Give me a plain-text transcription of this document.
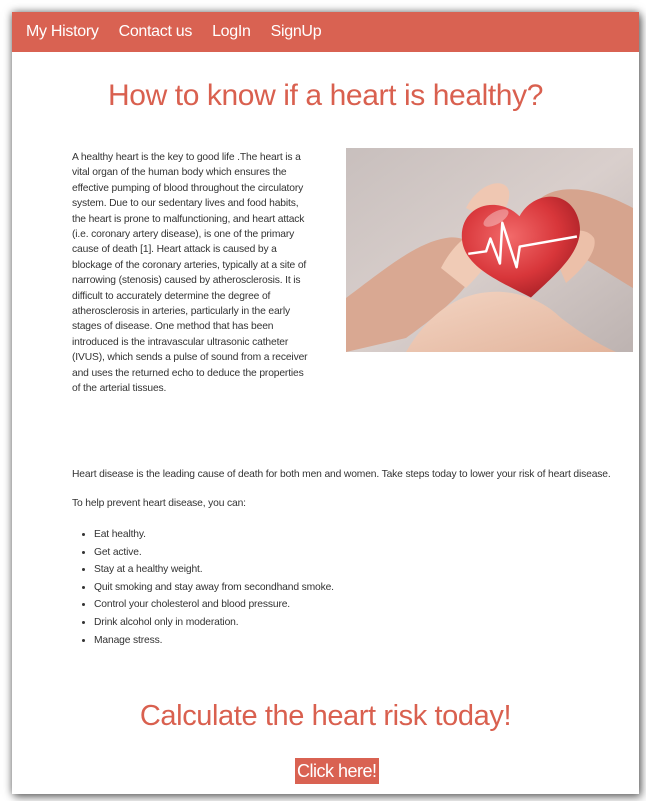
My History Contact us LogIn SignUp
How to know if a heart is healthy?

A healthy heart is the key to good life .The heart is a vital organ of the human body which ensures the effective pumping of blood throughout the circulatory system. Due to our sedentary lives and food habits, the heart is prone to malfunctioning, and heart attack (i.e. coronary artery disease), is one of the primary cause of death [1]. Heart attack is caused by a blockage of the coronary arteries, typically at a site of narrowing (stenosis) caused by atherosclerosis. It is difficult to accurately determine the degree of atherosclerosis in arteries, particularly in the early stages of disease. One method that has been introduced is the intravascular ultrasonic catheter (IVUS), which sends a pulse of sound from a receiver and uses the returned echo to deduce the properties of the arterial tissues.

Heart disease is the leading cause of death for both men and women. Take steps today to lower your risk of heart disease.

To help prevent heart disease, you can:

• Eat healthy.
• Get active.
• Stay at a healthy weight.
• Quit smoking and stay away from secondhand smoke.
• Control your cholesterol and blood pressure.
• Drink alcohol only in moderation.
• Manage stress.
Calculate the heart risk today!
Click here!
